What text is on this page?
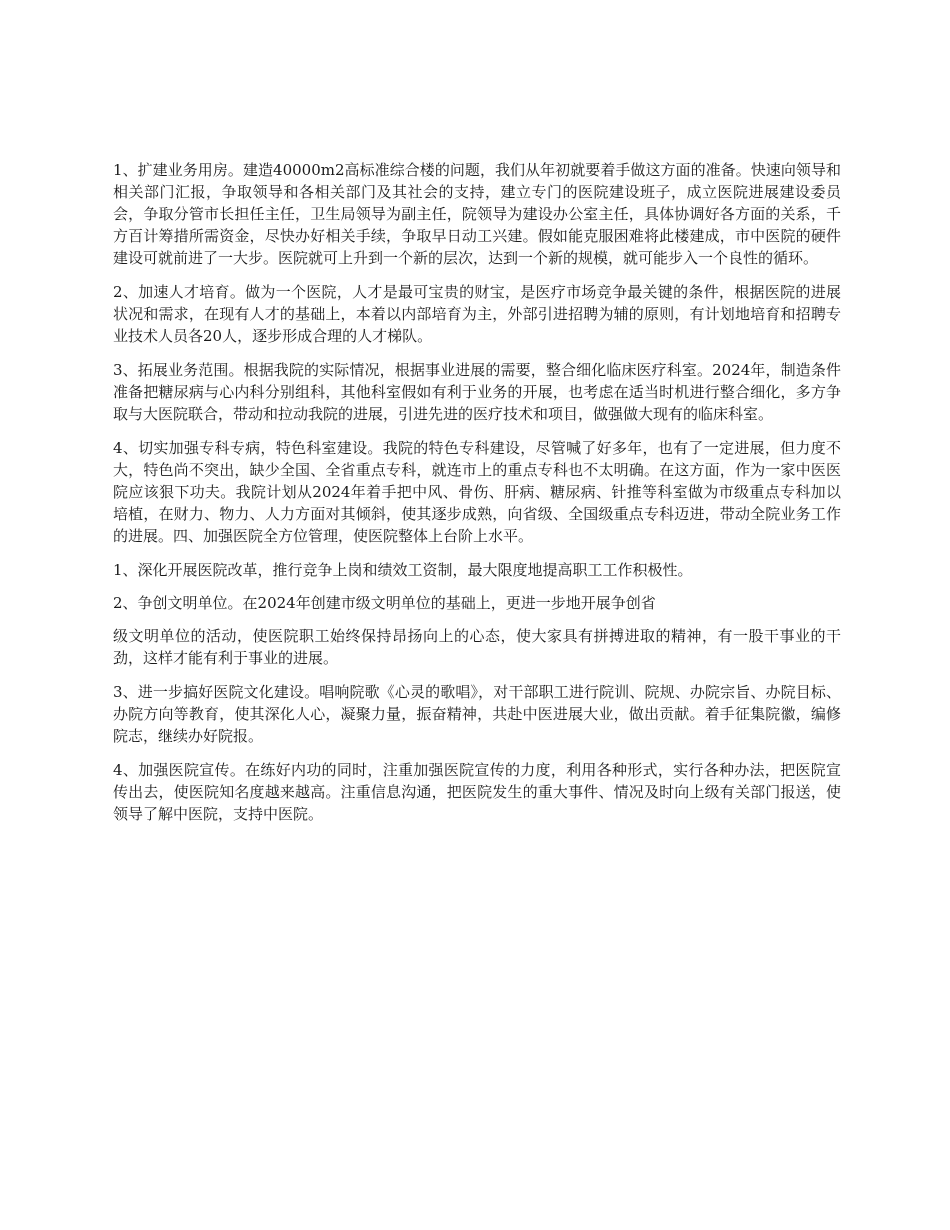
1、扩建业务用房。建造40000m2高标准综合楼的问题，我们从年初就要着手做这方面的准备。快速向领导和相关部门汇报，争取领导和各相关部门及其社会的支持，建立专门的医院建设班子，成立医院进展建设委员会，争取分管市长担任主任，卫生局领导为副主任，院领导为建设办公室主任，具体协调好各方面的关系，千方百计筹措所需资金，尽快办好相关手续，争取早日动工兴建。假如能克服困难将此楼建成，市中医院的硬件建设可就前进了一大步。医院就可上升到一个新的层次，达到一个新的规模，就可能步入一个良性的循环。

2、加速人才培育。做为一个医院，人才是最可宝贵的财宝，是医疗市场竞争最关键的条件，根据医院的进展状况和需求，在现有人才的基础上，本着以内部培育为主，外部引进招聘为辅的原则，有计划地培育和招聘专业技术人员各20人，逐步形成合理的人才梯队。

3、拓展业务范围。根据我院的实际情况，根据事业进展的需要，整合细化临床医疗科室。2024年，制造条件准备把糖尿病与心内科分别组科，其他科室假如有利于业务的开展，也考虑在适当时机进行整合细化，多方争取与大医院联合，带动和拉动我院的进展，引进先进的医疗技术和项目，做强做大现有的临床科室。

4、切实加强专科专病，特色科室建设。我院的特色专科建设，尽管喊了好多年，也有了一定进展，但力度不大，特色尚不突出，缺少全国、全省重点专科，就连市上的重点专科也不太明确。在这方面，作为一家中医医院应该狠下功夫。我院计划从2024年着手把中风、骨伤、肝病、糖尿病、针推等科室做为市级重点专科加以培植，在财力、物力、人力方面对其倾斜，使其逐步成熟，向省级、全国级重点专科迈进，带动全院业务工作的进展。四、加强医院全方位管理，使医院整体上台阶上水平。

1、深化开展医院改革，推行竞争上岗和绩效工资制，最大限度地提高职工工作积极性。

2、争创文明单位。在2024年创建市级文明单位的基础上，更进一步地开展争创省

级文明单位的活动，使医院职工始终保持昂扬向上的心态，使大家具有拼搏进取的精神，有一股干事业的干劲，这样才能有利于事业的进展。

3、进一步搞好医院文化建设。唱响院歌《心灵的歌唱》，对干部职工进行院训、院规、办院宗旨、办院目标、办院方向等教育，使其深化人心，凝聚力量，振奋精神，共赴中医进展大业，做出贡献。着手征集院徽，编修院志，继续办好院报。

4、加强医院宣传。在练好内功的同时，注重加强医院宣传的力度，利用各种形式，实行各种办法，把医院宣传出去，使医院知名度越来越高。注重信息沟通，把医院发生的重大事件、情况及时向上级有关部门报送，使领导了解中医院，支持中医院。
